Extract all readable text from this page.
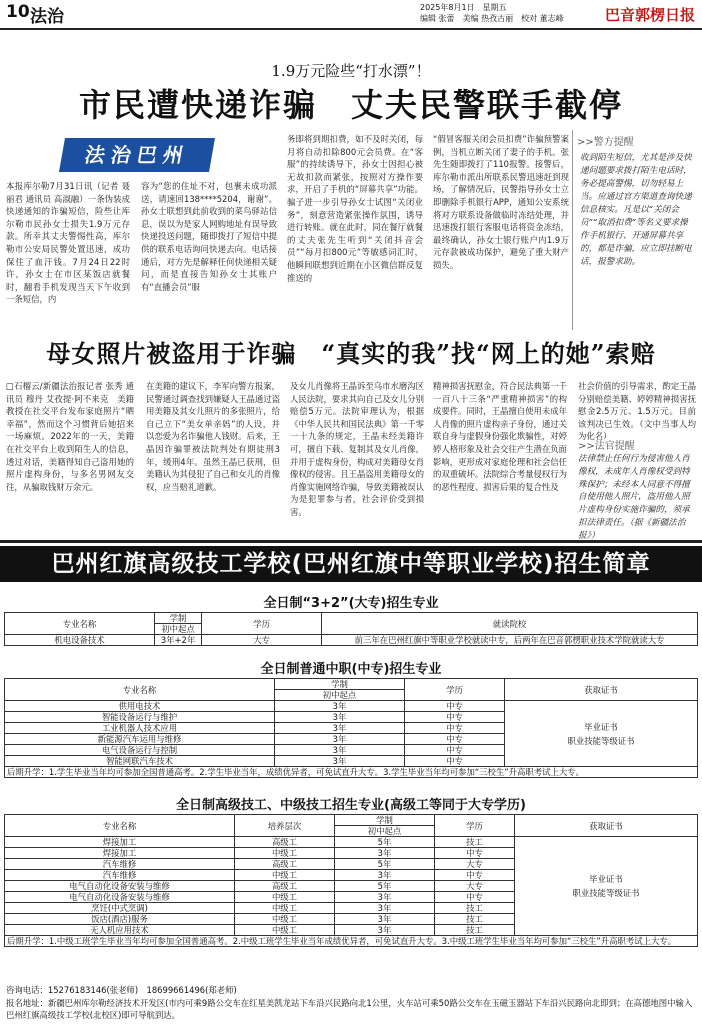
10 法治	2025年8月1日　星期五
编辑 张蕾　美编 热孜古丽　校对 董志峰	巴音郭楞日报
1.9万元险些“打水漂”！
市民遭快递诈骗　丈夫民警联手截停
法治巴州
本报库尔勒7月31日讯（记者 聂丽君 通讯员 高淑融）一条伪装成快递通知的诈骗短信，险些让库尔勒市民孙女士损失1.9万元存款。所幸其丈夫警惕性高，库尔勒市公安局民警处置迅速，成功保住了血汗钱。7月24日22时许，孙女士在市区某饭店就餐时，翻看手机发现当天下午收到一条短信，内
容为“您的住址不对，包裹未成功派送，请速回138****5204，谢谢”。孙女士联想到此前收到的菜鸟驿站信息，误以为是家人网购地址有误导致快递投送问题，随即拨打了短信中提供的联系电话询问快递去向。电话接通后，对方先是解释任何快递相关疑问，而是直接告知孙女士其账户有“直播会员”服
务即将到期扣费，如不及时关闭，每月将自动扣除800元会员费。在“客服”的持续诱导下，孙女士因担心被无故扣款而紧张，按照对方操作要求，开启了手机的“屏幕共享”功能。骗子进一步引导孙女士试图“关闭业务”，刻意营造紧张操作氛围，诱导进行转账。就在此时，同在餐厅就餐的丈夫张先生听到“关闭抖音会员”“每月扣800元”等敏感词汇时，他瞬间联想到近期在小区微信群反复推送的
“假冒客服关闭会员扣费”诈骗预警案例，当机立断关闭了妻子的手机。张先生随即拨打了110报警。接警后，库尔勒市派出所联系民警迅速赶到现场，了解情况后，民警指导孙女士立即删除手机银行APP，通知公安系统将对方联系设备做临时冻结处理，并迅速拨打银行客服电话将资金冻结，最终确认，孙女士银行账户内1.9万元存款被成功保护，避免了重大财产损失。
>>警方提醒
收到陌生短信，尤其是涉及快递问题要求拨打陌生电话时，务必提高警惕，切勿轻易上当。应通过官方渠道查询快递信息核实。凡是以“关闭会员”“取消扣费”等名义要求操作手机银行、开通屏幕共享的，都是诈骗，应立即挂断电话，报警求助。
母女照片被盗用于诈骗　“真实的我”找“网上的她”索赔
□石榴云/新疆法治报记者 张秀 通讯员 穆丹 艾孜提·阿不来克　美籍教授在社交平台发布家庭照片“晒幸福”，然而这个习惯背后她招来一场麻烦。2022年的一天，美籍在社交平台上收到陌生人的信息，透过对话，美籍得知自己盗用她的照片虚构身份，与多名男网友交往，从骗取钱财万余元。
在美籍的建议下，李军向警方报案，民警通过调查找到嫌疑人王晶通过盗用美籍及其女儿照片的多张照片，给自己立下“美女单亲妈”的人设，并以恋爱为名诈骗他人钱财。后来，王晶因诈骗罪被法院判处有期徒刑3年，缓刑4年。虽然王晶已获刑，但美籍认为其侵犯了自己和女儿的肖像权，应当赔礼道歉。
及女儿肖像将王晶诉至乌市水磨沟区人民法院，要求其向自己及女儿分别赔偿5万元。法院审理认为，根据《中华人民共和国民法典》第一千零一十九条的规定，王晶未经美籍许可，擅自下载、复制其及女儿肖像，并用于虚构身份，构成对美籍母女肖像权的侵害。且王晶盗用美籍母女的肖像实施网络诈骗，导致美籍被误认为是犯罪参与者，社会评价受到损害。
精神损害抚慰金，符合民法典第一千一百八十三条“严重精神损害”的构成要件。同时，王晶擅自使用未成年人肖像的照片虚构亲子身份，通过关联自身与虚假身份强化欺骗性，对婷婷人格形象及社会交往产生潜在负面影响，更形成对家庭伦理和社会信任的双重破坏。法院综合考量侵权行为的恶性程度、损害后果的复合性及
社会价值的引导需求，酌定王晶分别赔偿美籍、婷婷精神损害抚慰金2.5万元、1.5万元。目前该判决已生效。（文中当事人均为化名）
>>法官提醒
法律禁止任何行为侵害他人肖像权，未成年人肖像权受到特殊保护；未经本人同意不得擅自使用他人照片，盗用他人照片虚构身份实施诈骗的，须承担法律责任。（据《新疆法治报》）
巴州红旗高级技工学校(巴州红旗中等职业学校)招生简章
全日制“3+2”(大专)招生专业
专业名称	学制	学历	就读院校
	初中起点		
机电设备技术	3年+2年	大专	前三年在巴州红旗中等职业学校就读中专，后两年在巴音郭楞职业技术学院就读大专
全日制普通中职(中专)招生专业
专业名称	学制	学历	获取证书
	初中起点		
供用电技术	3年	中专	毕业证书
职业技能等级证书
智能设备运行与维护	3年	中专	
工业机器人技术应用	3年	中专	
新能源汽车运用与维修	3年	中专	
电气设备运行与控制	3年	中专	
智能网联汽车技术	3年	中专	
后期升学：1.学生毕业当年均可参加全国普通高考。2.学生毕业当年，成绩优异者，可免试直升大专。3.学生毕业当年均可参加“三校生”升高职考试上大专。			
全日制高级技工、中级技工招生专业(高级工等同于大专学历)
专业名称	培养层次	学制	学历	获取证书
		初中起点		
焊接加工	高级工	5年	技工	毕业证书
职业技能等级证书
焊接加工	中级工	3年	中专	
汽车维修	高级工	5年	大专	
汽车维修	中级工	3年	中专	
电气自动化设备安装与维修	高级工	5年	大专	
电气自动化设备安装与维修	中级工	3年	中专	
烹饪(中式烹调)	中级工	3年	技工	
饭店(酒店)服务	中级工	3年	技工	
无人机应用技术	中级工	3年	技工	
后期升学：1.中级工班学生毕业当年均可参加全国普通高考。2.中级工班学生毕业当年成绩优异者，可免试直升大专。3.中级工班学生毕业当年均可参加“三校生”升高职考试上大专。				
咨询电话：15276183146(张老师)　18699661496(郑老师)
报名地址：新疆巴州库尔勒经济技术开发区(市内可乘9路公交车在红星美凯龙站下车沿兴民路向北1公里，火车站可乘50路公交车在玉磁玉器站下车沿兴民路向北即到；在高德地图中输入巴州红旗高级技工学校(北校区)即可导航到达。
